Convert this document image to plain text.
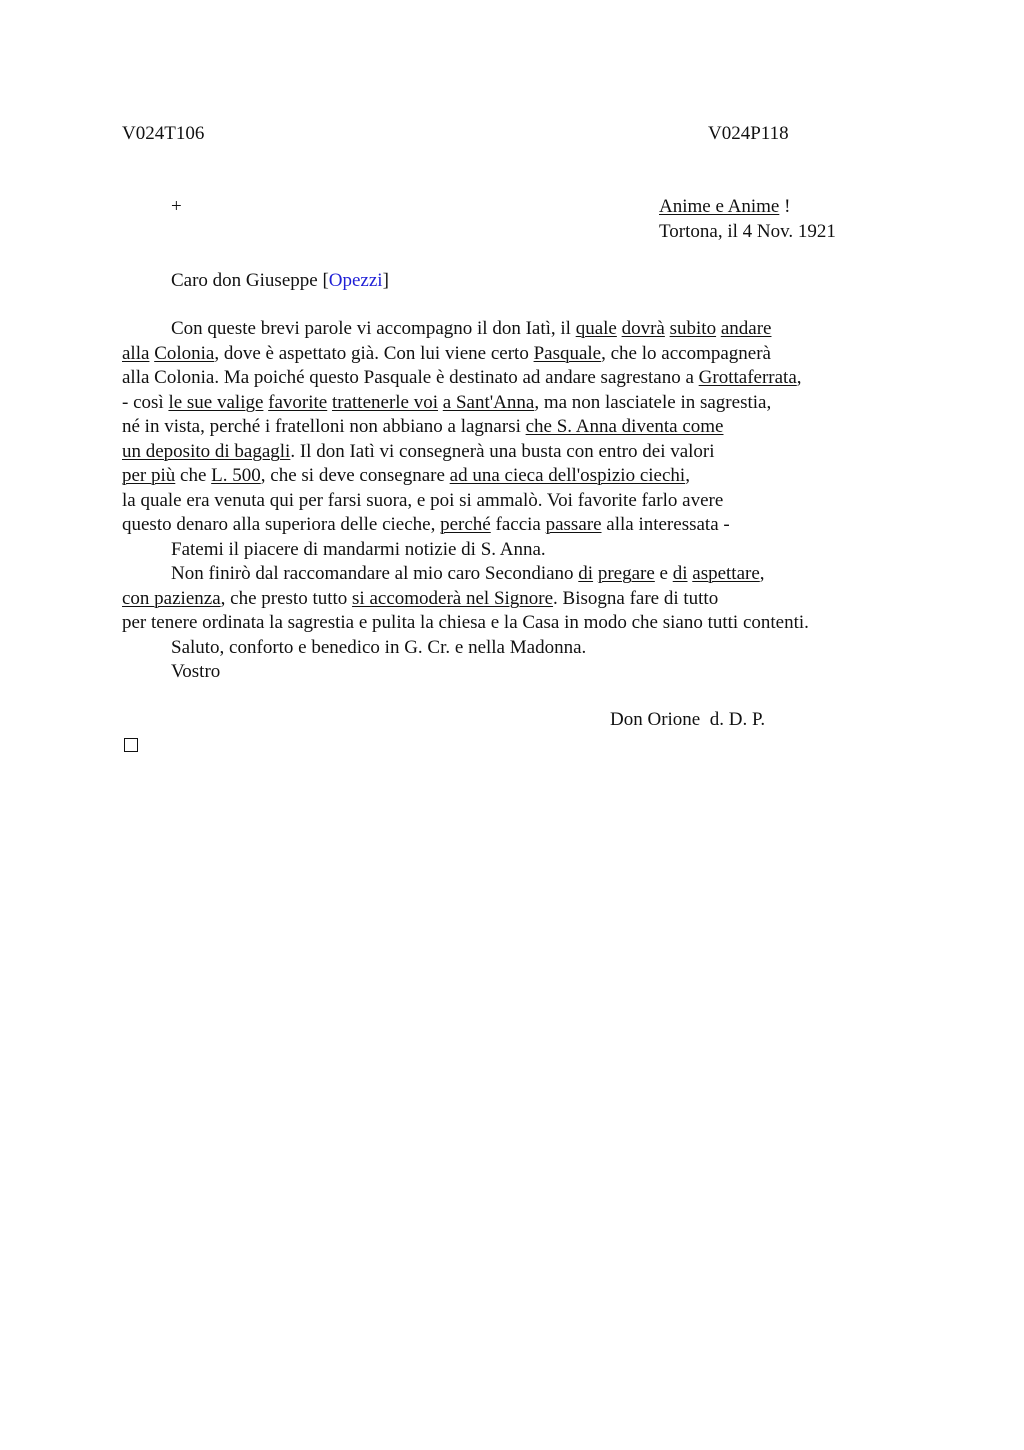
V024T106	V024P118
+	Anime e Anime !
Tortona, il 4 Nov. 1921
Caro don Giuseppe [Opezzi]
Con queste brevi parole vi accompagno il don Iatì, il quale dovrà subito andare
alla Colonia, dove è aspettato già. Con lui viene certo Pasquale, che lo accompagnerà
alla Colonia. Ma poiché questo Pasquale è destinato ad andare sagrestano a Grottaferrata,
- così le sue valige favorite trattenerle voi a Sant'Anna, ma non lasciatele in sagrestia,
né in vista, perché i fratelloni non abbiano a lagnarsi che S. Anna diventa come
un deposito di bagagli. Il don Iatì vi consegnerà una busta con entro dei valori
per più che L. 500, che si deve consegnare ad una cieca dell'ospizio ciechi,
la quale era venuta qui per farsi suora, e poi si ammalò. Voi favorite farlo avere
questo denaro alla superiora delle cieche, perché faccia passare alla interessata -
Fatemi il piacere di mandarmi notizie di S. Anna.
Non finirò dal raccomandare al mio caro Secondiano di pregare e di aspettare,
con pazienza, che presto tutto si accomoderà nel Signore. Bisogna fare di tutto
per tenere ordinata la sagrestia e pulita la chiesa e la Casa in modo che siano tutti contenti.
Saluto, conforto e benedico in G. Cr. e nella Madonna.
Vostro
Don Orione  d. D. P.
